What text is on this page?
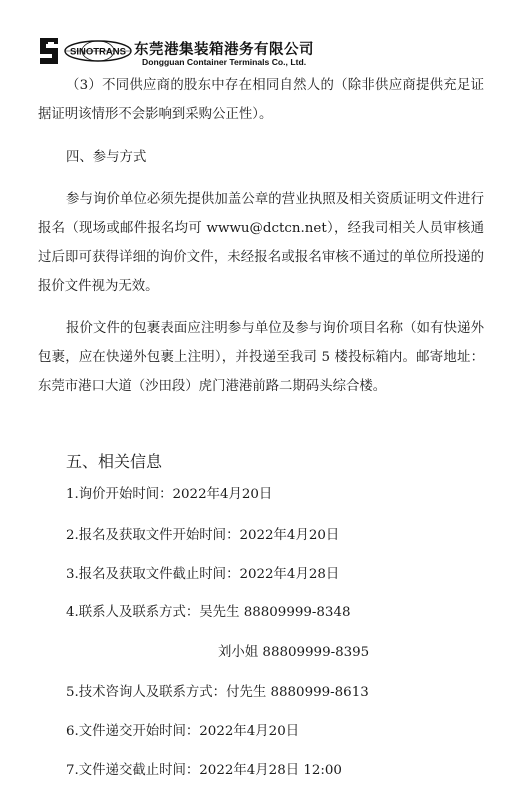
SINOTRANS 东莞港集装箱港务有限公司
Dongguan Container Terminals Co., Ltd.

（3）不同供应商的股东中存在相同自然人的（除非供应商提供充足证据证明该情形不会影响到采购公正性）。

四、参与方式

参与询价单位必须先提供加盖公章的营业执照及相关资质证明文件进行报名（现场或邮件报名均可 wwwu@dctcn.net），经我司相关人员审核通过后即可获得详细的询价文件，未经报名或报名审核不通过的单位所投递的报价文件视为无效。

报价文件的包裹表面应注明参与单位及参与询价项目名称（如有快递外包裹，应在快递外包裹上注明），并投递至我司 5 楼投标箱内。邮寄地址：东莞市港口大道（沙田段）虎门港港前路二期码头综合楼。

五、相关信息
1.询价开始时间：2022年4月20日
2.报名及获取文件开始时间：2022年4月20日
3.报名及获取文件截止时间：2022年4月28日
4.联系人及联系方式：吴先生 88809999-8348
刘小姐 88809999-8395
5.技术咨询人及联系方式：付先生 8880999-8613
6.文件递交开始时间：2022年4月20日
7.文件递交截止时间：2022年4月28日 12:00
